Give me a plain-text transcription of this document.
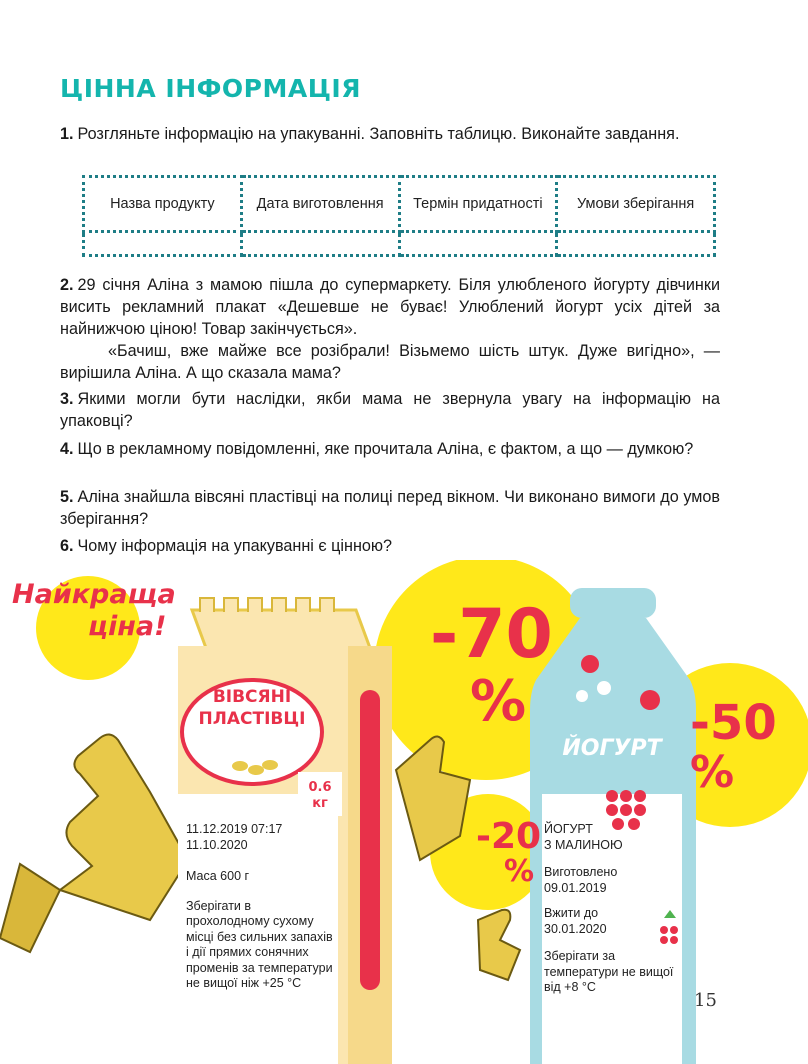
ЦІННА ІНФОРМАЦІЯ

1. Розгляньте інформацію на упакуванні. Заповніть таблицю. Виконайте завдання.

Назва продукту	Дата виготовлення	Термін придатності	Умови зберігання

2. 29 січня Аліна з мамою пішла до супермаркету. Біля улюбленого йогурту дівчинки висить рекламний плакат «Дешевше не буває! Улюблений йогурт усіх дітей за найнижчою ціною! Товар закінчується».

«Бачиш, вже майже все розібрали! Візьмемо шість штук. Дуже вигідно», — вирішила Аліна. А що сказала мама?

3. Якими могли бути наслідки, якби мама не звернула увагу на інформацію на упаковці?

4. Що в рекламному повідомленні, яке прочитала Аліна, є фактом, а що — думкою?

5. Аліна знайшла вівсяні пластівці на полиці перед вікном. Чи виконано вимоги до умов зберігання?

6. Чому інформація на упакуванні є цінною?

Найкраща
ціна!	-70
%	-50
%
-20
%
ВІВСЯНІ
ПЛАСТІВЦІ
0.6
кг
11.12.2019 07:17
11.10.2020
Маса 600 г
Зберігати в прохолодному сухому місці без сильних запахів і дії прямих сонячних променів за температури не вищої ніж +25 °С
ЙОГУРТ
ЙОГУРТ
З МАЛИНОЮ
Виготовлено
09.01.2019
Вжити до
30.01.2020
Зберігати за температури не вищої від +8 °С
15
